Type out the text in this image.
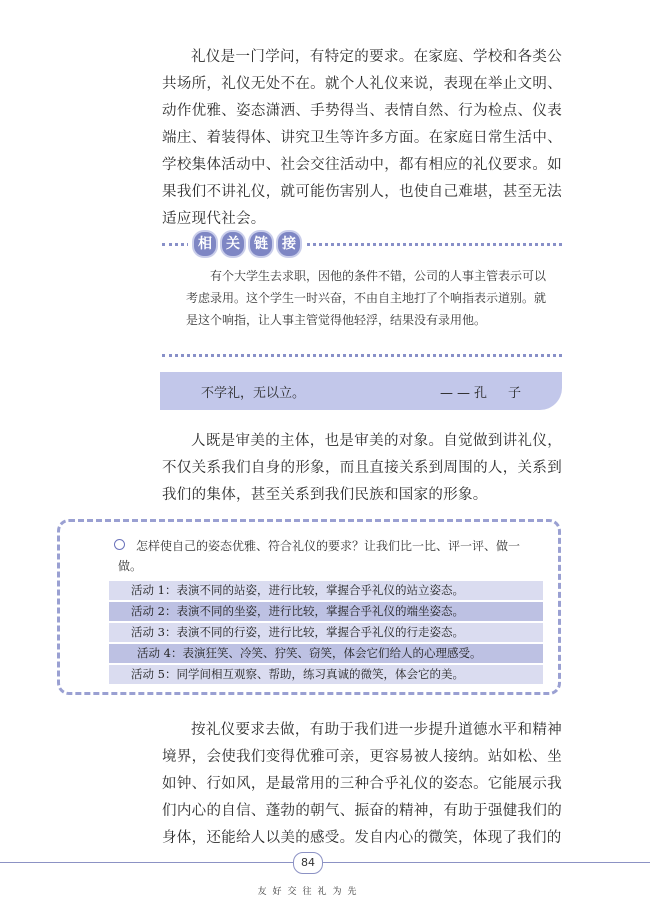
礼仪是一门学问，有特定的要求。在家庭、学校和各类公共场所，礼仪无处不在。就个人礼仪来说，表现在举止文明、动作优雅、姿态潇洒、手势得当、表情自然、行为检点、仪表端庄、着装得体、讲究卫生等许多方面。在家庭日常生活中、学校集体活动中、社会交往活动中，都有相应的礼仪要求。如果我们不讲礼仪，就可能伤害别人，也使自己难堪，甚至无法适应现代社会。

相	关	链	接

有个大学生去求职，因他的条件不错，公司的人事主管表示可以考虑录用。这个学生一时兴奋，不由自主地打了个响指表示道别。就是这个响指，让人事主管觉得他轻浮，结果没有录用他。

不学礼，无以立。	——孔　子

人既是审美的主体，也是审美的对象。自觉做到讲礼仪，不仅关系我们自身的形象，而且直接关系到周围的人，关系到我们的集体，甚至关系到我们民族和国家的形象。

怎样使自己的姿态优雅、符合礼仪的要求？让我们比一比、评一评、做一做。

活动 1：表演不同的站姿，进行比较，掌握合乎礼仪的站立姿态。
活动 2：表演不同的坐姿，进行比较，掌握合乎礼仪的端坐姿态。
活动 3：表演不同的行姿，进行比较，掌握合乎礼仪的行走姿态。
活动 4：表演狂笑、冷笑、狞笑、窃笑，体会它们给人的心理感受。
活动 5：同学间相互观察、帮助，练习真诚的微笑，体会它的美。

按礼仪要求去做，有助于我们进一步提升道德水平和精神境界，会使我们变得优雅可亲，更容易被人接纳。站如松、坐如钟、行如风，是最常用的三种合乎礼仪的姿态。它能展示我们内心的自信、蓬勃的朝气、振奋的精神，有助于强健我们的身体，还能给人以美的感受。发自内心的微笑，体现了我们的

84
友好交往礼为先
